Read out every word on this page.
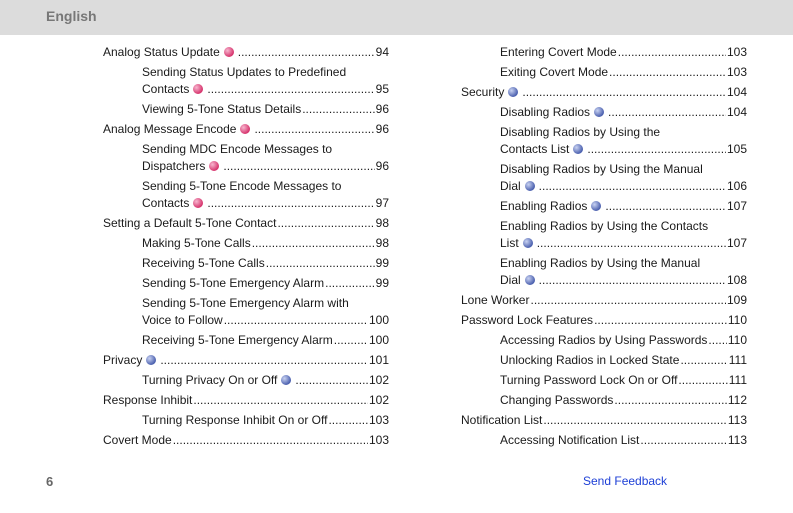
English
Analog Status Update .....	94
Sending Status Updates to Predefined
Contacts .....	95
Viewing 5-Tone Status Details .....	96
Analog Message Encode .....	96
Sending MDC Encode Messages to
Dispatchers .....	96
Sending 5-Tone Encode Messages to
Contacts .....	97
Setting a Default 5-Tone Contact .....	98
Making 5-Tone Calls .....	98
Receiving 5-Tone Calls .....	99
Sending 5-Tone Emergency Alarm .....	99
Sending 5-Tone Emergency Alarm with
Voice to Follow .....	100
Receiving 5-Tone Emergency Alarm .....	100
Privacy .....	101
Turning Privacy On or Off .....	102
Response Inhibit .....	102
Turning Response Inhibit On or Off .....	103
Covert Mode .....	103
Entering Covert Mode .....	103
Exiting Covert Mode .....	103
Security .....	104
Disabling Radios .....	104
Disabling Radios by Using the
Contacts List .....	105
Disabling Radios by Using the Manual
Dial .....	106
Enabling Radios .....	107
Enabling Radios by Using the Contacts
List .....	107
Enabling Radios by Using the Manual
Dial .....	108
Lone Worker .....	109
Password Lock Features .....	110
Accessing Radios by Using Passwords ..... 110
Unlocking Radios in Locked State .....	111
Turning Password Lock On or Off .....	111
Changing Passwords .....	112
Notification List .....	113
Accessing Notification List .....	113
6	Send Feedback
